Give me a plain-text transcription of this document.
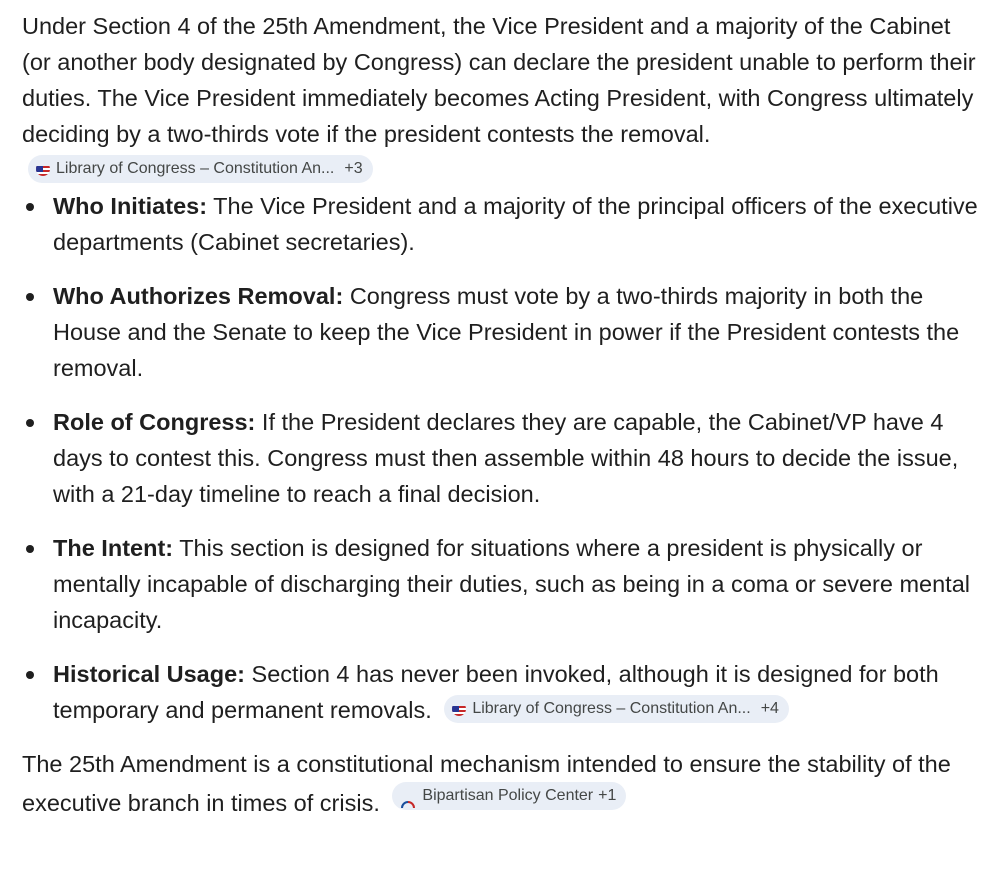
Under Section 4 of the 25th Amendment, the Vice President and a majority of the Cabinet (or another body designated by Congress) can declare the president unable to perform their duties. The Vice President immediately becomes Acting President, with Congress ultimately deciding by a two-thirds vote if the president contests the removal.
Library of Congress – Constitution An... +3

Who Initiates: The Vice President and a majority of the principal officers of the executive departments (Cabinet secretaries).
Who Authorizes Removal: Congress must vote by a two-thirds majority in both the House and the Senate to keep the Vice President in power if the President contests the removal.
Role of Congress: If the President declares they are capable, the Cabinet/VP have 4 days to contest this. Congress must then assemble within 48 hours to decide the issue, with a 21-day timeline to reach a final decision.
The Intent: This section is designed for situations where a president is physically or mentally incapable of discharging their duties, such as being in a coma or severe mental incapacity.
Historical Usage: Section 4 has never been invoked, although it is designed for both temporary and permanent removals.	Library of Congress – Constitution An... +4

The 25th Amendment is a constitutional mechanism intended to ensure the stability of the executive branch in times of crisis.	Bipartisan Policy Center +1
